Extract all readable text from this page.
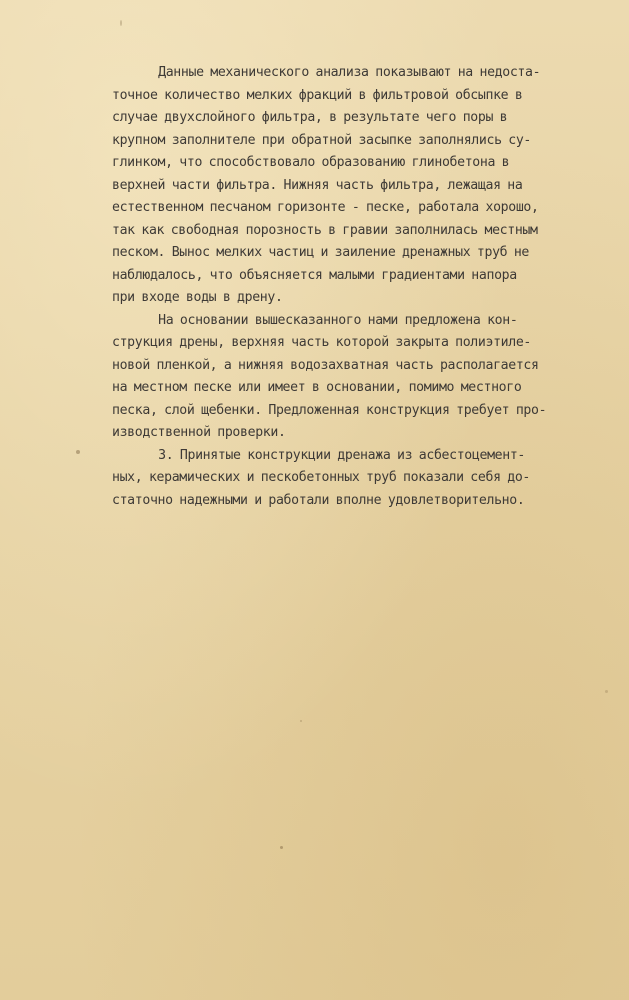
Данные механического анализа показывают на недоста-
точное количество мелких фракций в фильтровой обсыпке в
случае двухслойного фильтра, в результате чего поры в
крупном заполнителе при обратной засыпке заполнялись су-
глинком, что способствовало образованию глинобетона в
верхней части фильтра. Нижняя часть фильтра, лежащая на
естественном песчаном горизонте - песке, работала хорошо,
так как свободная порозность в гравии заполнилась местным
песком. Вынос мелких частиц и заиление дренажных труб не
наблюдалось, что объясняется малыми градиентами напора
при входе воды в дрену.
На основании вышесказанного нами предложена кон-
струкция дрены, верхняя часть которой закрыта полиэтиле-
новой пленкой, а нижняя водозахватная часть располагается
на местном песке или имеет в основании, помимо местного
песка, слой щебенки. Предложенная конструкция требует про-
изводственной проверки.
3. Принятые конструкции дренажа из асбестоцемент-
ных, керамических и пескобетонных труб показали себя до-
статочно надежными и работали вполне удовлетворительно.
